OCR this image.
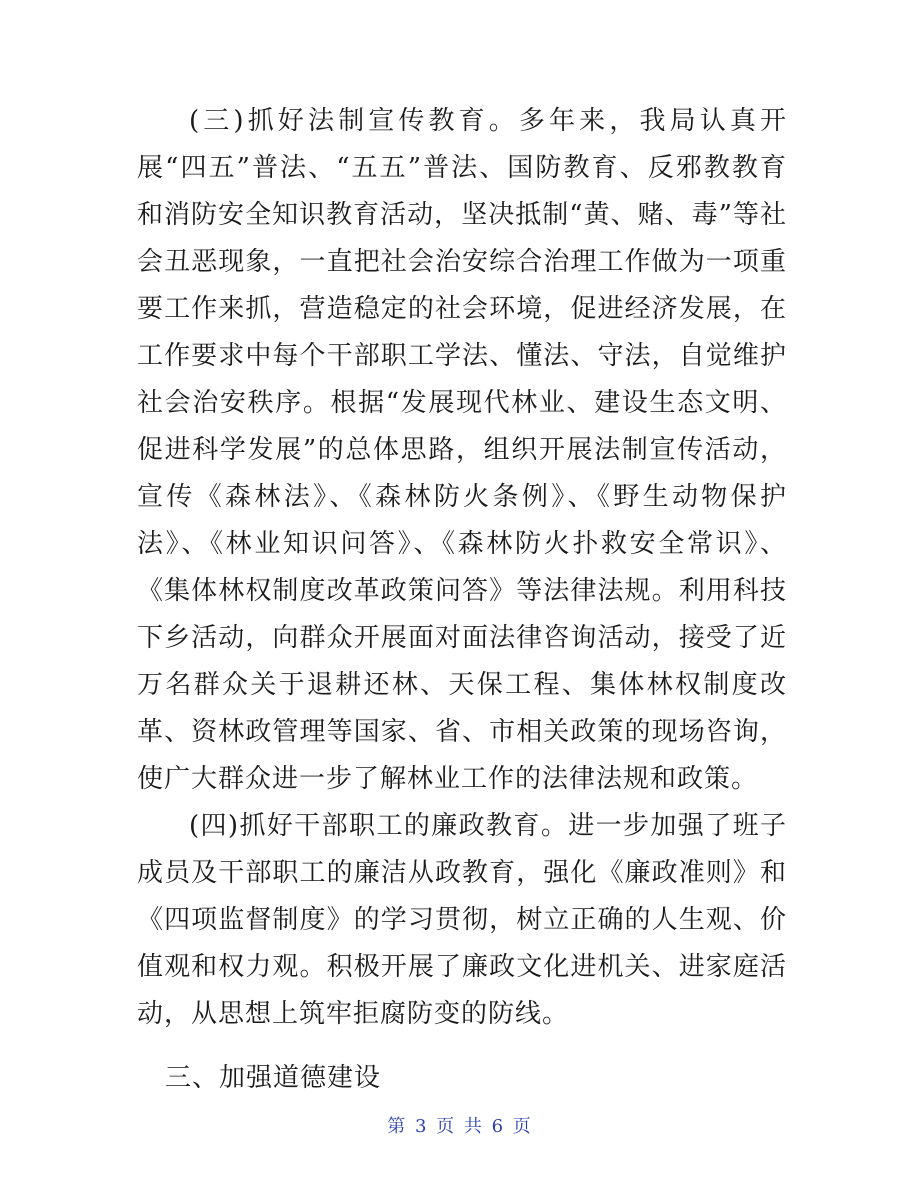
(三)抓好法制宣传教育。多年来，我局认真开展“四五”普法、“五五”普法、国防教育、反邪教教育和消防安全知识教育活动，坚决抵制“黄、赌、毒”等社会丑恶现象，一直把社会治安综合治理工作做为一项重要工作来抓，营造稳定的社会环境，促进经济发展，在工作要求中每个干部职工学法、懂法、守法，自觉维护社会治安秩序。根据“发展现代林业、建设生态文明、促进科学发展”的总体思路，组织开展法制宣传活动，宣传《森林法》、《森林防火条例》、《野生动物保护法》、《林业知识问答》、《森林防火扑救安全常识》、《集体林权制度改革政策问答》等法律法规。利用科技下乡活动，向群众开展面对面法律咨询活动，接受了近万名群众关于退耕还林、天保工程、集体林权制度改革、资林政管理等国家、省、市相关政策的现场咨询，使广大群众进一步了解林业工作的法律法规和政策。

(四)抓好干部职工的廉政教育。进一步加强了班子成员及干部职工的廉洁从政教育，强化《廉政准则》和《四项监督制度》的学习贯彻，树立正确的人生观、价值观和权力观。积极开展了廉政文化进机关、进家庭活动，从思想上筑牢拒腐防变的防线。

三、加强道德建设

第 3 页 共 6 页
